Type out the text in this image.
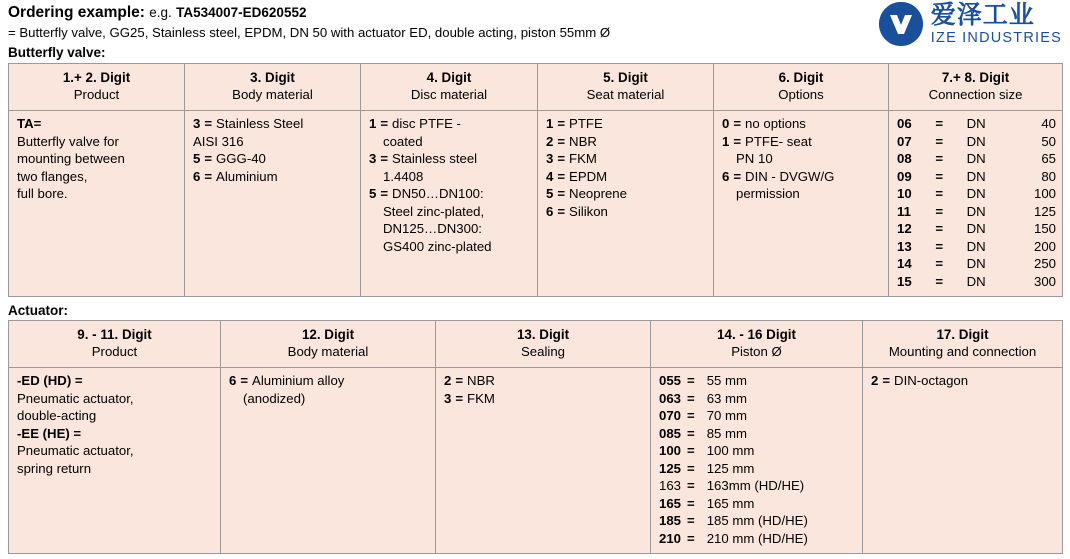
爱泽工业
IZE INDUSTRIES
Ordering example: e.g. TA534007-ED620552
= Butterfly valve, GG25, Stainless steel, EPDM, DN 50 with actuator ED, double acting, piston 55mm Ø
Butterfly valve:
1.+ 2. Digit
Product

3. Digit
Body material

4. Digit
Disc material

5. Digit
Seat material

6. Digit
Options

7.+ 8. Digit
Connection size

TA=
Butterfly valve for
mounting between
two flanges,
full bore.

3 = Stainless Steel
AISI 316
5 = GGG-40
6 = Aluminium

1 = disc PTFE -
coated
3 = Stainless steel
1.4408
5 = DN50…DN100:
Steel zinc-plated,
DN125…DN300:
GS400 zinc-plated

1 = PTFE
2 = NBR
3 = FKM
4 = EPDM
5 = Neoprene
6 = Silikon

0 = no options
1 = PTFE- seat
PN 10
6 = DIN - DVGW/G
permission

06	=	DN	40
07	=	DN	50
08	=	DN	65
09	=	DN	80
10	=	DN	100
11	=	DN	125
12	=	DN	150
13	=	DN	200
14	=	DN	250
15	=	DN	300
Actuator:
9. - 11. Digit
Product

12. Digit
Body material

13. Digit
Sealing

14. - 16 Digit
Piston Ø

17. Digit
Mounting and connection

-ED (HD) =
Pneumatic actuator,
double-acting
-EE (HE) =
Pneumatic actuator,
spring return

6 = Aluminium alloy
(anodized)

2 = NBR
3 = FKM

055 = 55 mm
063 = 63 mm
070 = 70 mm
085 = 85 mm
100 = 100 mm
125 = 125 mm
163 = 163mm (HD/HE)
165 = 165 mm
185 = 185 mm (HD/HE)
210 = 210 mm (HD/HE)

2 = DIN-octagon
